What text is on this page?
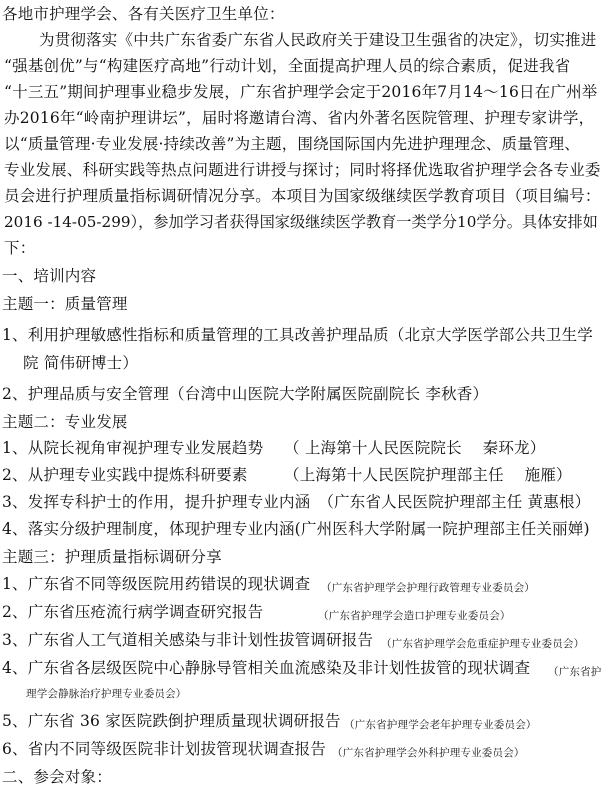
各地市护理学会、各有关医疗卫生单位：
为贯彻落实《中共广东省委广东省人民政府关于建设卫生强省的决定》，切实推进
“强基创优”与“构建医疗高地”行动计划，全面提高护理人员的综合素质，促进我省
“十三五”期间护理事业稳步发展，广东省护理学会定于2016年7月14～16日在广州举
办2016年“岭南护理讲坛”，届时将邀请台湾、省内外著名医院管理、护理专家讲学，
以“质量管理·专业发展·持续改善”为主题，围绕国际国内先进护理理念、质量管理、
专业发展、科研实践等热点问题进行讲授与探讨；同时将择优选取省护理学会各专业委
员会进行护理质量指标调研情况分享。本项目为国家级继续医学教育项目（项目编号：
2016 -14-05-299），参加学习者获得国家级继续医学教育一类学分10学分。具体安排如
下：
一、培训内容
主题一：质量管理
1、利用护理敏感性指标和质量管理的工具改善护理品质（北京大学医学部公共卫生学
院 简伟研博士）
2、护理品质与安全管理（台湾中山医院大学附属医院副院长 李秋香）
主题二：专业发展
1、从院长视角审视护理专业发展趋势 （ 上海第十人民医院院长　 秦环龙）
2、从护理专业实践中提炼科研要素 （上海第十人民医院护理部主任　 施雁）
3、发挥专科护士的作用，提升护理专业内涵　（广东省人民医院护理部主任 黄惠根）
4、落实分级护理制度，体现护理专业内涵(广州医科大学附属一院护理部主任关丽婵)
主题三：护理质量指标调研分享
1、广东省不同等级医院用药错误的现状调查 （广东省护理学会护理行政管理专业委员会）
2、广东省压疮流行病学调查研究报告	（广东省护理学会造口护理专业委员会）
3、广东省人工气道相关感染与非计划性拔管调研报告 （广东省护理学会危重症护理专业委员会）
4、广东省各层级医院中心静脉导管相关血流感染及非计划性拔管的现状调查 （广东省护
理学会静脉治疗护理专业委员会）
5、广东省 36 家医院跌倒护理质量现状调研报告 （广东省护理学会老年护理专业委员会）
6、省内不同等级医院非计划拔管现状调查报告 （广东省护理学会外科护理专业委员会）
二、参会对象：
